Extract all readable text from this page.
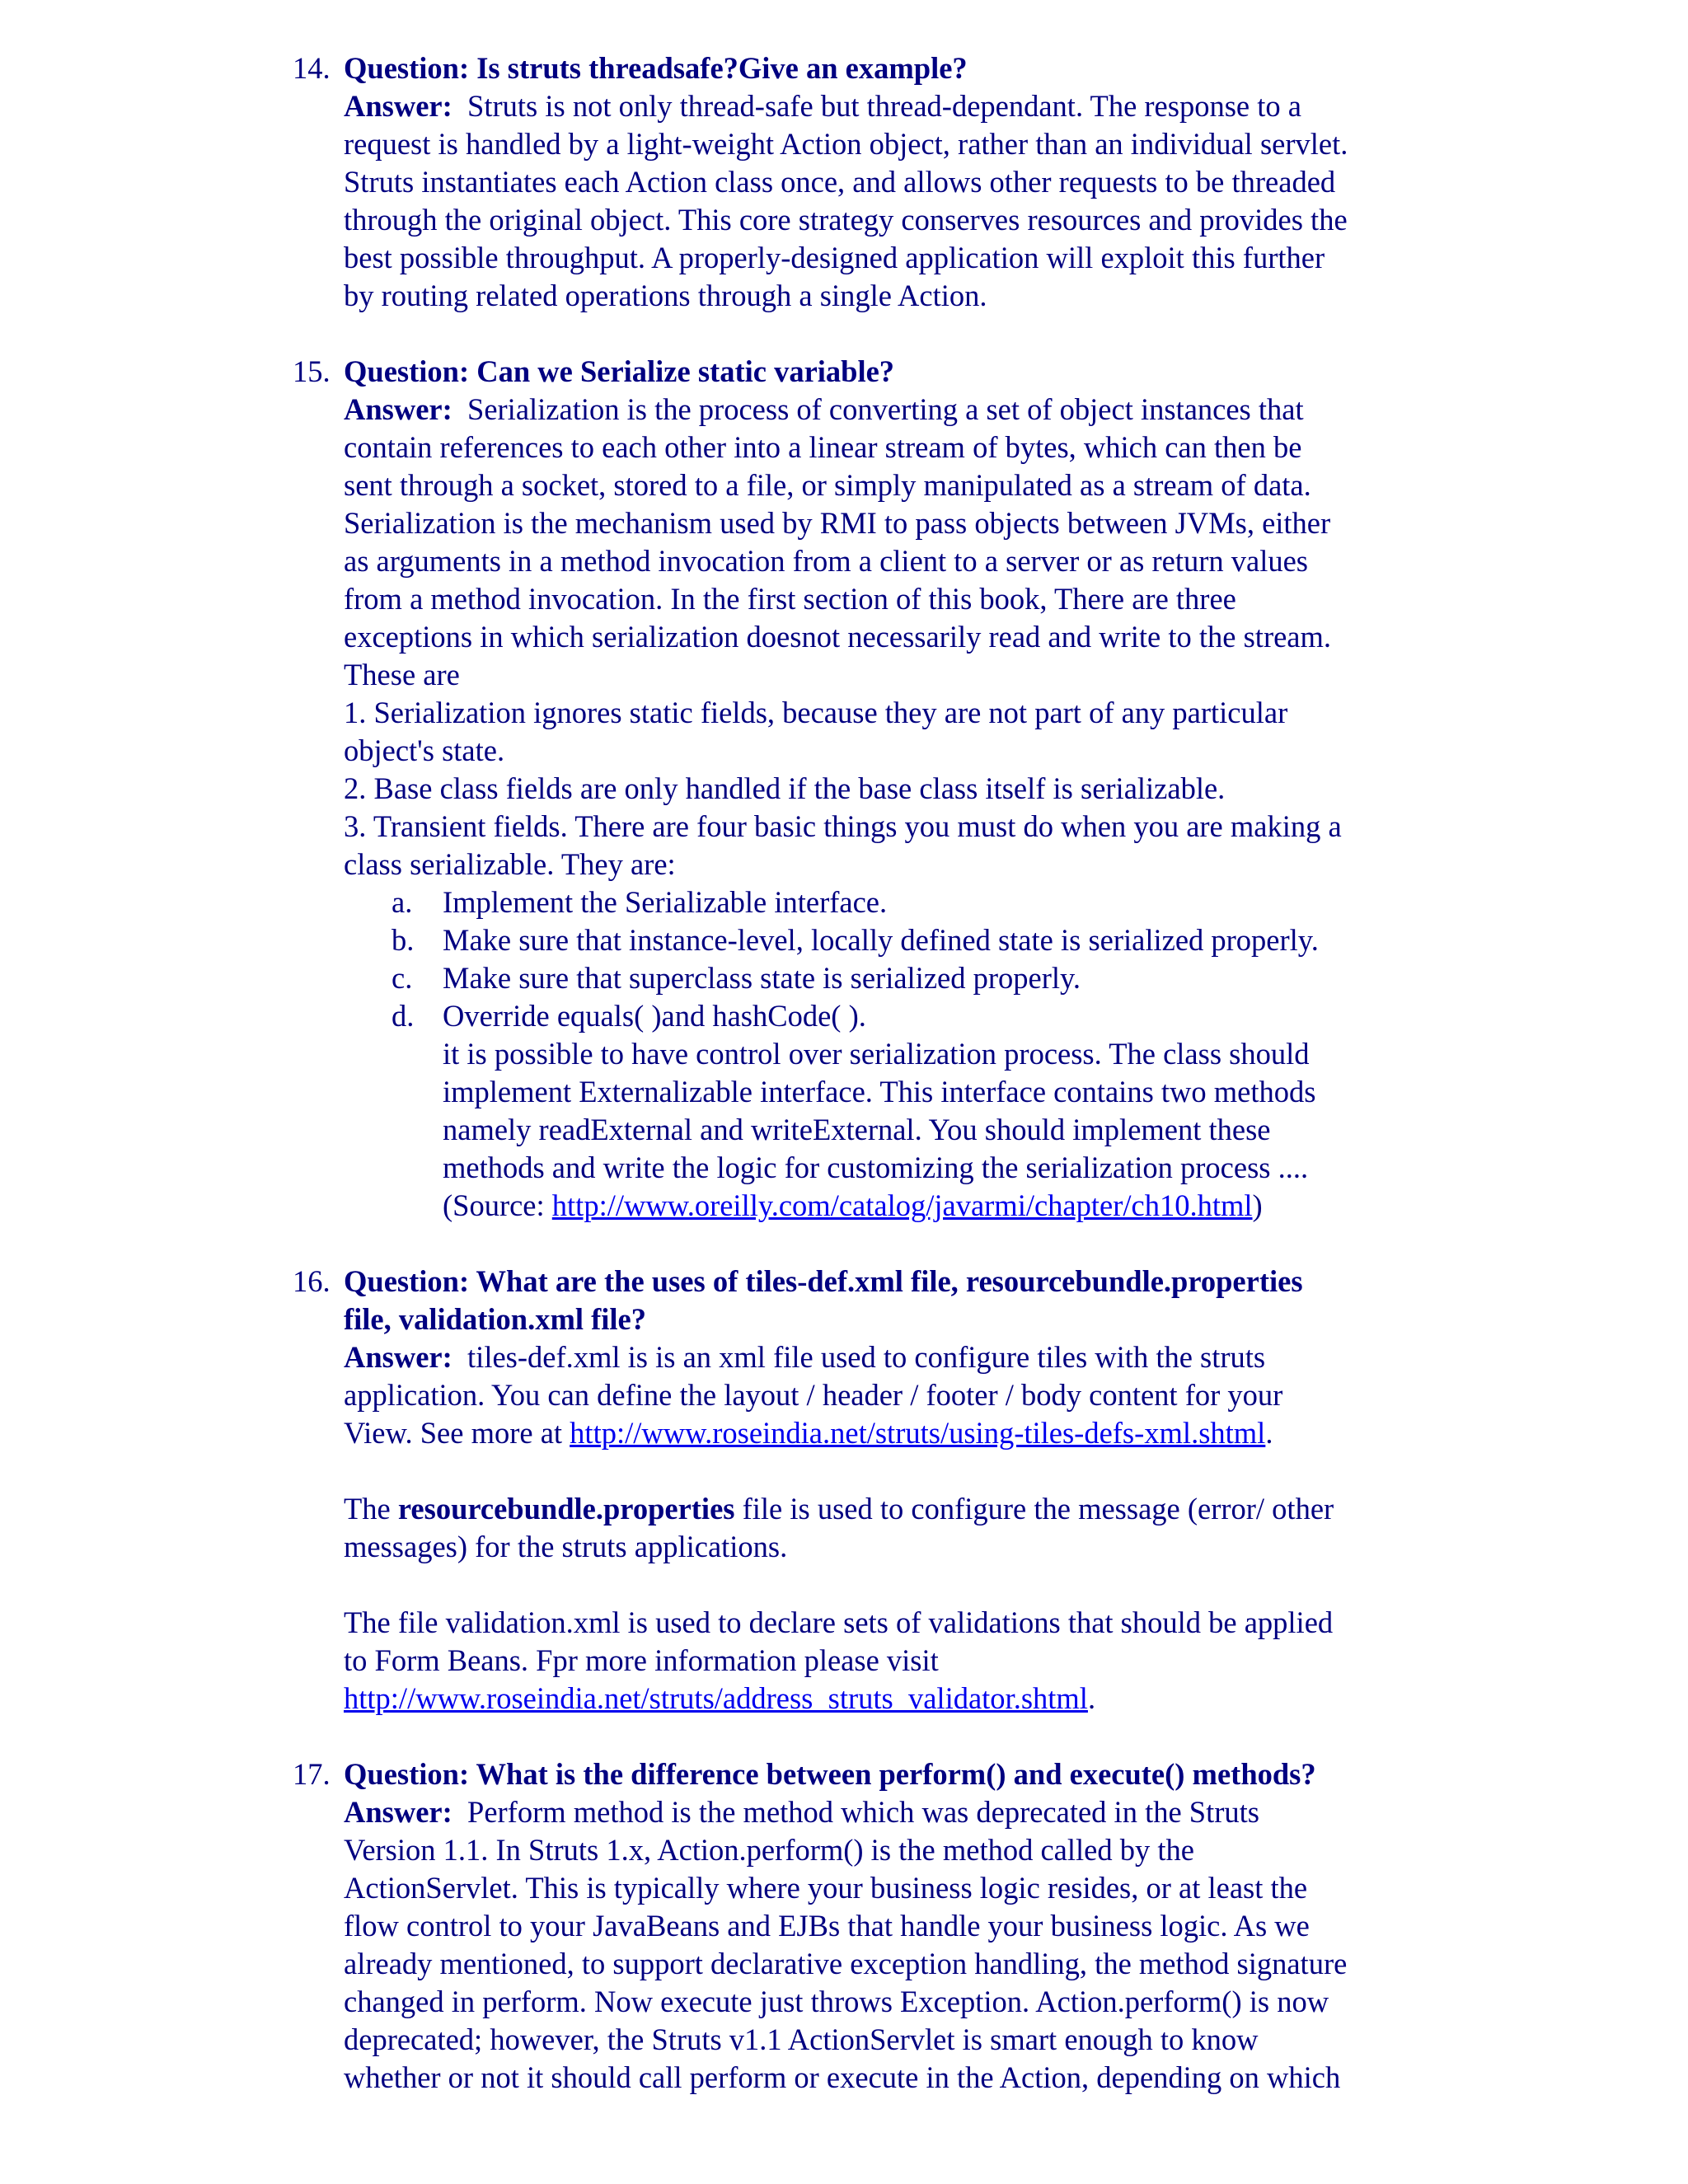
14. Question: Is struts threadsafe?Give an example?
Answer: Struts is not only thread-safe but thread-dependant. The response to a
request is handled by a light-weight Action object, rather than an individual servlet.
Struts instantiates each Action class once, and allows other requests to be threaded
through the original object. This core strategy conserves resources and provides the
best possible throughput. A properly-designed application will exploit this further
by routing related operations through a single Action.
15. Question: Can we Serialize static variable?
Answer: Serialization is the process of converting a set of object instances that
contain references to each other into a linear stream of bytes, which can then be
sent through a socket, stored to a file, or simply manipulated as a stream of data.
Serialization is the mechanism used by RMI to pass objects between JVMs, either
as arguments in a method invocation from a client to a server or as return values
from a method invocation. In the first section of this book, There are three
exceptions in which serialization doesnot necessarily read and write to the stream.
These are
1. Serialization ignores static fields, because they are not part of any particular
object's state.
2. Base class fields are only handled if the base class itself is serializable.
3. Transient fields. There are four basic things you must do when you are making a
class serializable. They are:
a.	Implement the Serializable interface.
b. Make sure that instance-level, locally defined state is serialized properly.
c.	Make sure that superclass state is serialized properly.
d. Override equals( )and hashCode( ).
it is possible to have control over serialization process. The class should
implement Externalizable interface. This interface contains two methods
namely readExternal and writeExternal. You should implement these
methods and write the logic for customizing the serialization process ....
(Source: http://www.oreilly.com/catalog/javarmi/chapter/ch10.html)
16. Question: What are the uses of tiles-def.xml file, resourcebundle.properties
file, validation.xml file?
Answer: tiles-def.xml is is an xml file used to configure tiles with the struts
application. You can define the layout / header / footer / body content for your
View. See more at http://www.roseindia.net/struts/using-tiles-defs-xml.shtml.
The resourcebundle.properties file is used to configure the message (error/ other
messages) for the struts applications.
The file validation.xml is used to declare sets of validations that should be applied
to Form Beans. Fpr more information please visit
http://www.roseindia.net/struts/address_struts_validator.shtml.
17. Question: What is the difference between perform() and execute() methods?
Answer: Perform method is the method which was deprecated in the Struts
Version 1.1. In Struts 1.x, Action.perform() is the method called by the
ActionServlet. This is typically where your business logic resides, or at least the
flow control to your JavaBeans and EJBs that handle your business logic. As we
already mentioned, to support declarative exception handling, the method signature
changed in perform. Now execute just throws Exception. Action.perform() is now
deprecated; however, the Struts v1.1 ActionServlet is smart enough to know
whether or not it should call perform or execute in the Action, depending on which
